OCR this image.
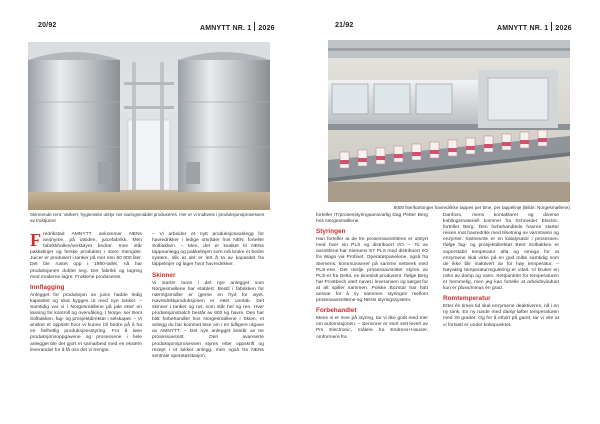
20/92	AMNYTT NR. 1 2026
Skinnende rent: Varkert, hygieniske utstyr ner naringsmiddel produseres. Her er vi midtveis i produksjonsprosessen av fruktjuicer

Fredrikstad AMNYTT ankommer NENs anonyme, på utsiden, juicefabrikk. Men fabrikkhallen/verktøyet bedrar. Inne står pakkelinjer og ferske produkter i store mengder. Juicer er produsert i tanker på mer enn 60 000 liter. Det ble rustet opp i 1980-tallet, nå har produksjonen doblet seg. Det fabrikk og lagring med moderne lagre. Fruktene produseres.

Innflagging

Anlegget for produksjon av juice hadde ledig kapasitet og skal bygges ut med nye tanker. – Samtidig var vi i Norgesmøllene på jakt etter en løsning for kontroll og overvåking. I Norge, ser Bent Solbakken, fag- og prosjektdirektør i selskapet. – Vi ønsket et oppsett hvor vi kunne bli bedre på å ha en helhetlig produksjonsstyring. For å løse produksjonsoppgavene og prosessene i hele anlegget ble det gjort et samarbeid med en ekstern leverandør for å få oss det vi trengte.

– Vi arbeider et nytt produksjonsanlegg for havredrikker i ledige områder hos NEN, forteller Solbakken. – Men, det er kvalitet til NENs tappeanlegg og pakkelinjen som må bruke et bedre system, slik at det er lett å ta av kapasitet fra tappelinjer og lager hvor havredrikker.

Skinner

Vi starter turen i det nye anlegget som Norgesmøllene har etablert. Bestil i fabrikken for næringsmidler er gjerne en fryd for øyet. Havredrikkproduksjonen er ettet unntak. Det skinner i tanker og rør, som står hel og ren. Hver produksjonsbatch består av 600 kg havre. Den har blitt forbehandlet hos Norgesmøllene i Skien, et anlegg du har kommet lese om i en tidligere utgave av AMNYTT. – Det nye anlegget består av tre prosessavsnitt. Den avanserte produksjonsprosessen styres etter oppskrift og resept i et lukket anlegg, men også fra NENs sentrale operatørstasjon,

21/92	AMNYTT NR. 1 2026
6000 liter/kartonger havredrikke tappes per time, per tappelinje (Bilde: Norgesmøllene).

forteller IT/prosesstyringsansvarlig Dag Petter Berg hos Norgesmøllene.

Styringen

Han forteller at de tre prosessavsnittene er utstyrt med hver sin PLS og distribuert I/O. – To av avsnittene har Siemens S7 PLS med distribuert I/O fra Wago via Profinet. Operatørpanelene, også fra Siemens, kommuniserer på samme nettverk med PLS-ene. Det tredje prosessavsnittet styres av PLS-er fra Delta, en kinesisk produsent. Ifølge Berg har Frostbech vært navet i leveransen og sørget for at alt spiller sammen. Polske Bozstar har hatt ansvar for å sy sammen styringen mellom prosessavsnittene og NENs styringssystem.

Forbehandlet

Mens vi er inne på styring, tar vi like godt med mer om automasjonen. – Sensorer er stort sett levert av Pm Electronic, målere fra Endress+Hauser, omformere fra

Danfoss, mens kontaktorer og diverse koblingsmateriell kommer fra Schneider Electric, forteller Berg. Den forbehandlede havren starter reisen mot havredrikk med tilsetning av varmtvann og enzymer. Sistnevnte er en katalysator i prosessen. Ifølge fag- og prosjektdirektør Bent Solbakken er superstabil temperatur alfa og omega for at enzymene skal virke på en god måte samtidig som de ikke blir inaktivert av for høy temperatur. – Nøyaktig temperaturregulering er vitalt. Vi bruker en miks av damp og vann. Settpunktet for temperaturen er hemmelig, men jeg kan fortelle at arbeidsvinduet kun er pluss/minus én grad.

Romtemperatur

Etter én times tid skal enzymene deaktiveres, nå i en ny tank. En ny runde med damp løfter temperaturen med 30 grader. Og for å ettvirt på garet, tar vi vite at vi fortsatt er under kokepunktet.
